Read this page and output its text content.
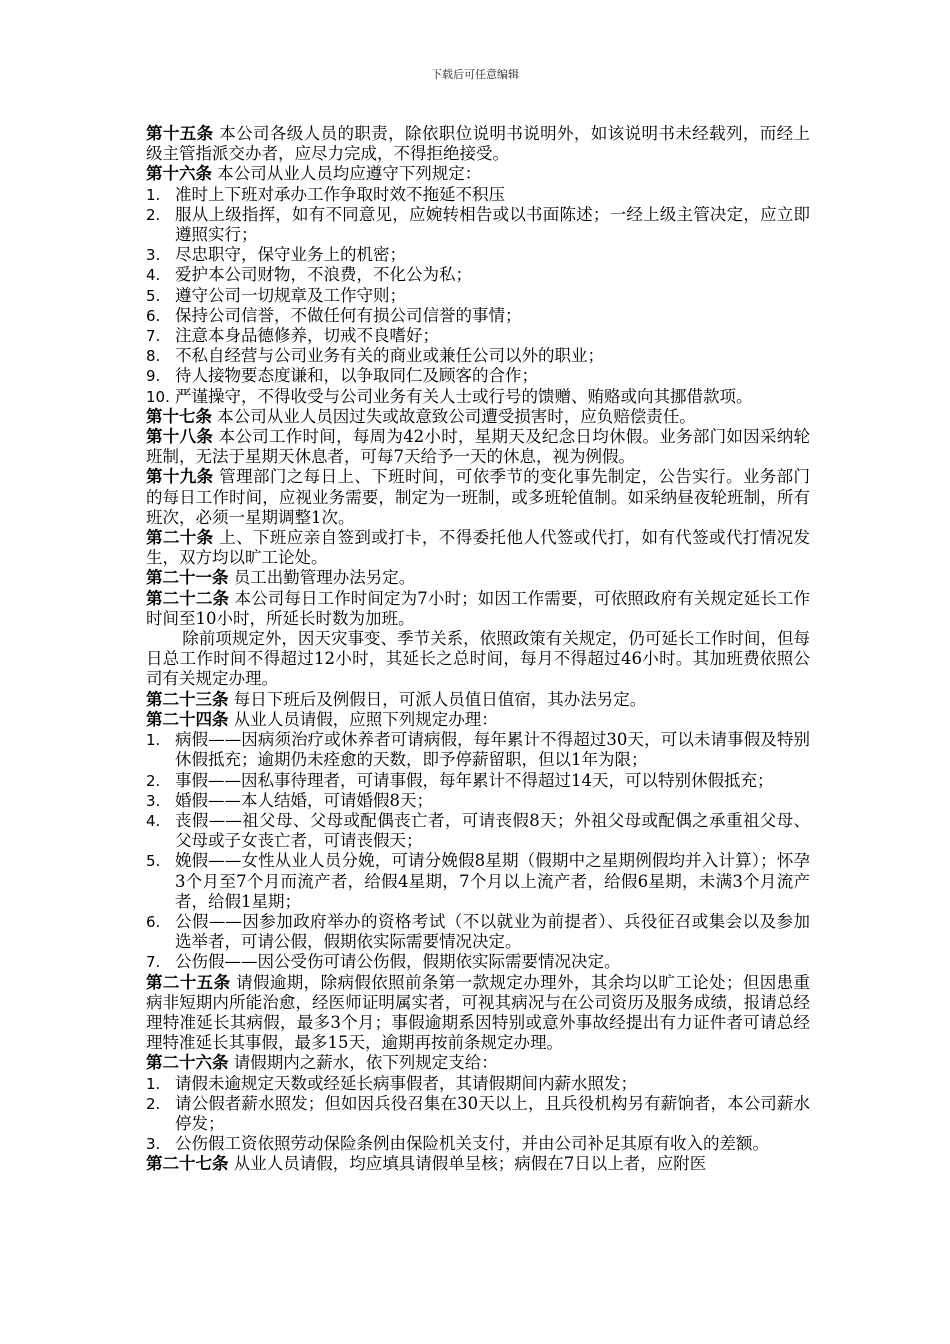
下载后可任意编辑

第十五条 本公司各级人员的职责，除依职位说明书说明外，如该说明书未经载列，而经上级主管指派交办者，应尽力完成，不得拒绝接受。

第十六条 本公司从业人员均应遵守下列规定：

1. 准时上下班对承办工作争取时效不拖延不积压
2. 服从上级指挥，如有不同意见，应婉转相告或以书面陈述；一经上级主管决定，应立即遵照实行；
3. 尽忠职守，保守业务上的机密；
4. 爱护本公司财物，不浪费，不化公为私；
5. 遵守公司一切规章及工作守则；
6. 保持公司信誉，不做任何有损公司信誉的事情；
7. 注意本身品德修养，切戒不良嗜好；
8. 不私自经营与公司业务有关的商业或兼任公司以外的职业；
9. 待人接物要态度谦和，以争取同仁及顾客的合作；
10. 严谨操守，不得收受与公司业务有关人士或行号的馈赠、贿赂或向其挪借款项。

第十七条 本公司从业人员因过失或故意致公司遭受损害时，应负赔偿责任。

第十八条 本公司工作时间，每周为42小时，星期天及纪念日均休假。业务部门如因采纳轮班制，无法于星期天休息者，可每7天给予一天的休息，视为例假。

第十九条 管理部门之每日上、下班时间，可依季节的变化事先制定，公告实行。业务部门的每日工作时间，应视业务需要，制定为一班制，或多班轮值制。如采纳昼夜轮班制，所有班次，必须一星期调整1次。

第二十条 上、下班应亲自签到或打卡，不得委托他人代签或代打，如有代签或代打情况发生，双方均以旷工论处。

第二十一条 员工出勤管理办法另定。

第二十二条 本公司每日工作时间定为7小时；如因工作需要，可依照政府有关规定延长工作时间至10小时，所延长时数为加班。

除前项规定外，因天灾事变、季节关系，依照政策有关规定，仍可延长工作时间，但每日总工作时间不得超过12小时，其延长之总时间，每月不得超过46小时。其加班费依照公司有关规定办理。

第二十三条 每日下班后及例假日，可派人员值日值宿，其办法另定。

第二十四条 从业人员请假，应照下列规定办理：

1. 病假——因病须治疗或休养者可请病假，每年累计不得超过30天，可以未请事假及特别休假抵充；逾期仍未痊愈的天数，即予停薪留职，但以1年为限；
2. 事假——因私事待理者，可请事假，每年累计不得超过14天，可以特别休假抵充；
3. 婚假——本人结婚，可请婚假8天；
4. 丧假——祖父母、父母或配偶丧亡者，可请丧假8天；外祖父母或配偶之承重祖父母、父母或子女丧亡者，可请丧假天；
5. 娩假——女性从业人员分娩，可请分娩假8星期（假期中之星期例假均并入计算）；怀孕3个月至7个月而流产者，给假4星期，7个月以上流产者，给假6星期，未满3个月流产者，给假1星期；
6. 公假——因参加政府举办的资格考试（不以就业为前提者）、兵役征召或集会以及参加选举者，可请公假，假期依实际需要情况决定。
7. 公伤假——因公受伤可请公伤假，假期依实际需要情况决定。

第二十五条 请假逾期，除病假依照前条第一款规定办理外，其余均以旷工论处；但因患重病非短期内所能治愈，经医师证明属实者，可视其病况与在公司资历及服务成绩，报请总经理特准延长其病假，最多3个月；事假逾期系因特别或意外事故经提出有力证件者可请总经理特准延长其事假，最多15天，逾期再按前条规定办理。

第二十六条 请假期内之薪水，依下列规定支给：

1. 请假未逾规定天数或经延长病事假者，其请假期间内薪水照发；
2. 请公假者薪水照发；但如因兵役召集在30天以上，且兵役机构另有薪饷者，本公司薪水停发；
3. 公伤假工资依照劳动保险条例由保险机关支付，并由公司补足其原有收入的差额。

第二十七条 从业人员请假，均应填具请假单呈核；病假在7日以上者，应附医
